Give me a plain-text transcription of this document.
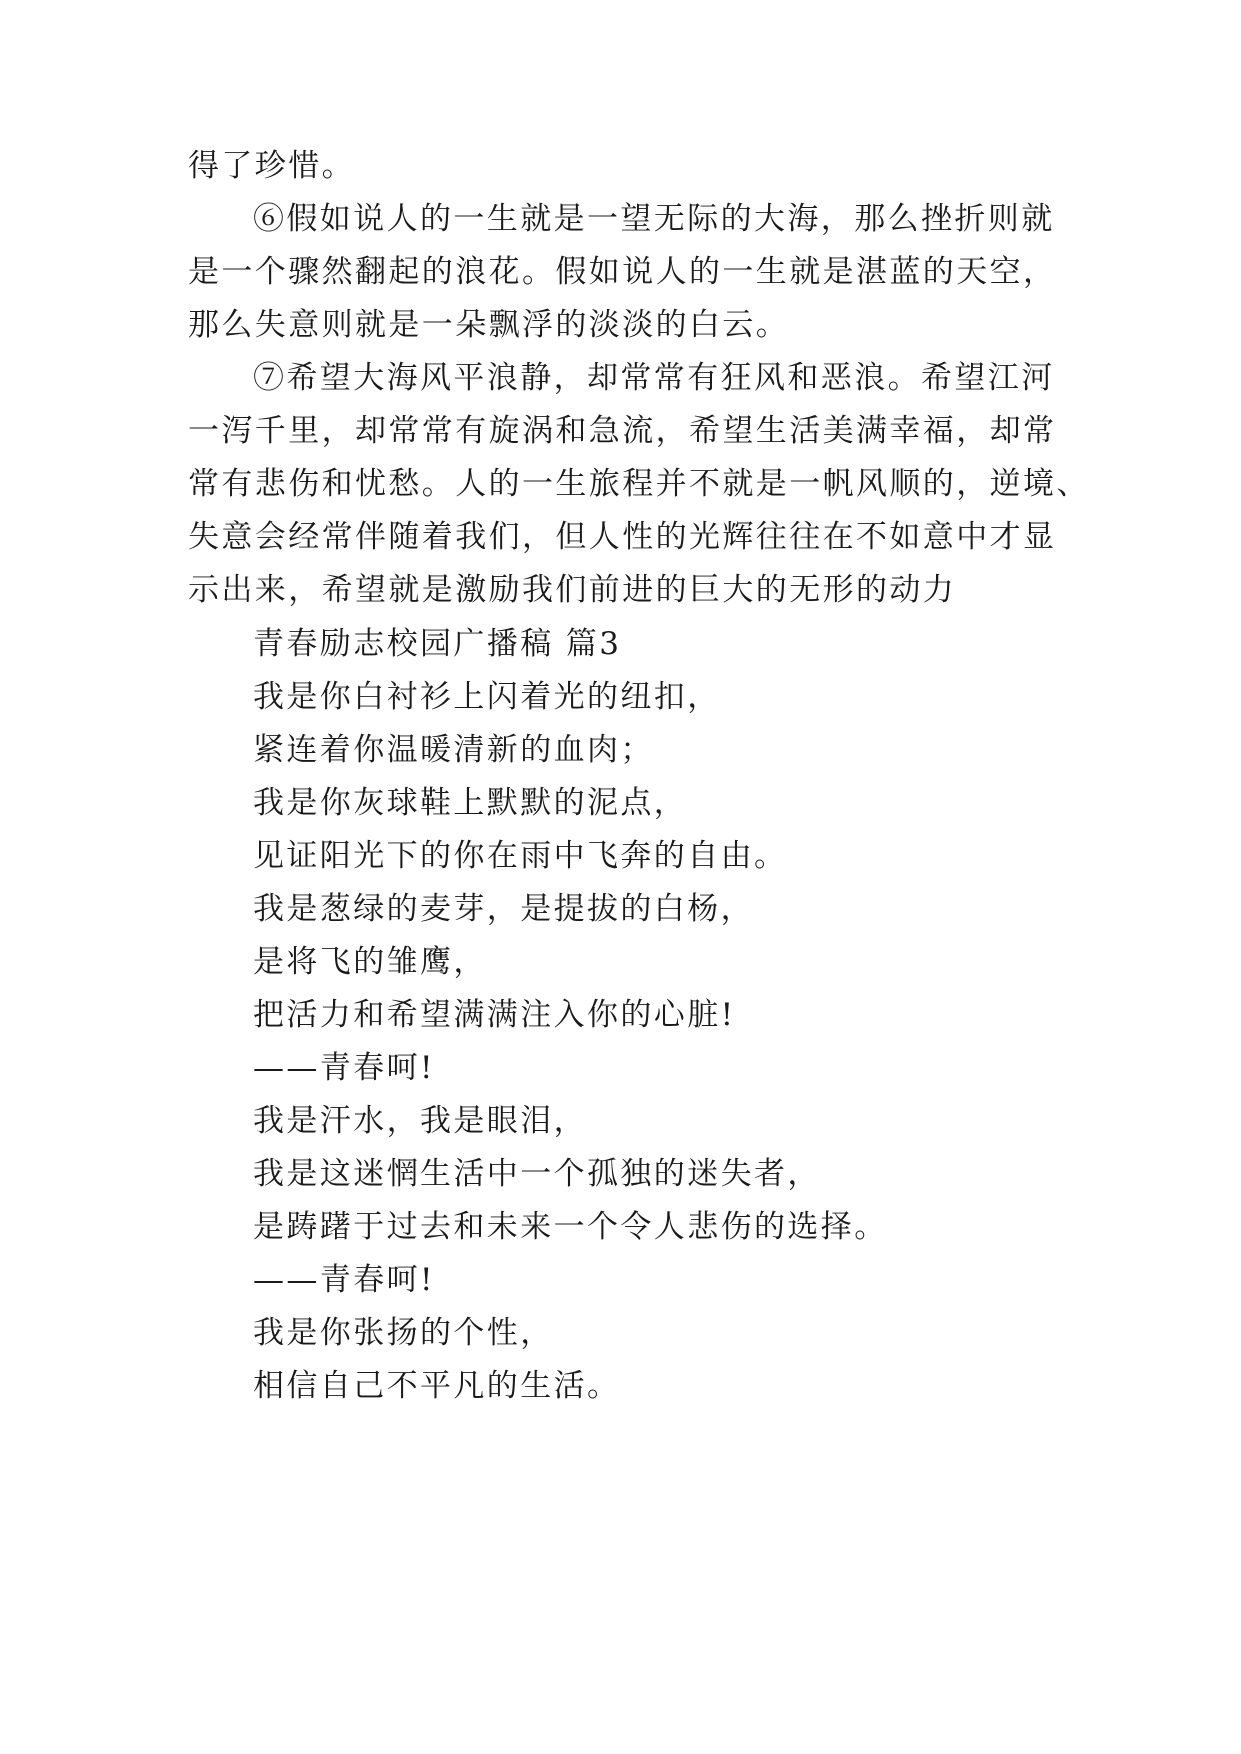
得了珍惜。
⑥假如说人的一生就是一望无际的大海，那么挫折则就
是一个骤然翻起的浪花。假如说人的一生就是湛蓝的天空，
那么失意则就是一朵飘浮的淡淡的白云。
⑦希望大海风平浪静，却常常有狂风和恶浪。希望江河
一泻千里，却常常有旋涡和急流，希望生活美满幸福，却常
常有悲伤和忧愁。人的一生旅程并不就是一帆风顺的，逆境、
失意会经常伴随着我们，但人性的光辉往往在不如意中才显
示出来，希望就是激励我们前进的巨大的无形的动力
青春励志校园广播稿 篇3
我是你白衬衫上闪着光的纽扣，
紧连着你温暖清新的血肉；
我是你灰球鞋上默默的泥点，
见证阳光下的你在雨中飞奔的自由。
我是葱绿的麦芽，是提拔的白杨，
是将飞的雏鹰，
把活力和希望满满注入你的心脏!
——青春呵!
我是汗水，我是眼泪，
我是这迷惘生活中一个孤独的迷失者，
是踌躇于过去和未来一个令人悲伤的选择。
——青春呵!
我是你张扬的个性，
相信自己不平凡的生活。
